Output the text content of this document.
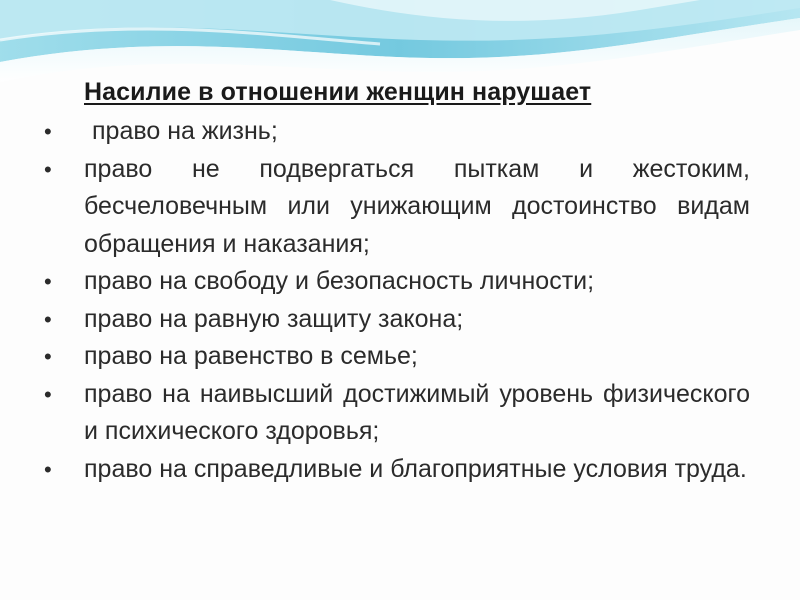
Насилие в отношении женщин нарушает
• право на жизнь;
• право не подвергаться пыткам и жестоким, бесчеловечным или унижающим достоинство видам обращения и наказания;
• право на свободу и безопасность личности;
• право на равную защиту закона;
• право на равенство в семье;
• право на наивысший достижимый уровень физического и психического здоровья;
• право на справедливые и благоприятные условия труда.
